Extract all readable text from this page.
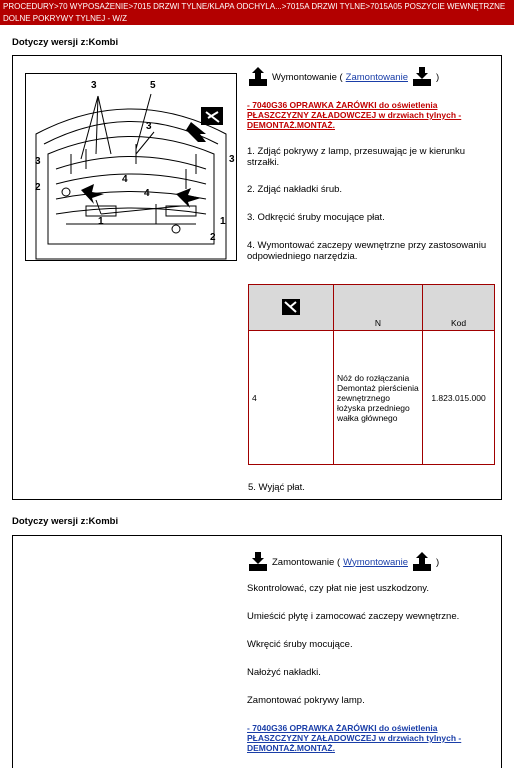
PROCEDURY>70 WYPOSAŻENIE>7015 DRZWI TYLNE/KLAPA ODCHYLA...>7015A DRZWI TYLNE>7015A05 POSZYCIE WEWNĘTRZNE DOLNE POKRYWY TYLNEJ - W/Z
Dotyczy wersji z:Kombi
3	5
3
3	3
2
4
4
1	1
2
Wymontowanie ( Zamontowanie	)
- 7040G36 OPRAWKA ŻARÓWKI do oświetlenia PŁASZCZYZNY ZAŁADOWCZEJ w drzwiach tylnych - DEMONTAŻ.MONTAŻ.
1. Zdjąć pokrywy z lamp, przesuwając je w kierunku strzałki.
2. Zdjąć nakładki śrub.
3. Odkręcić śruby mocujące płat.
4. Wymontować zaczepy wewnętrzne przy zastosowaniu odpowiedniego narzędzia.
	N	Kod
4	Nóż do rozłączania Demontaż pierścienia zewnętrznego łożyska przedniego wałka głównego	1.823.015.000
5. Wyjąć płat.
Dotyczy wersji z:Kombi
Zamontowanie ( Wymontowanie	)
Skontrolować, czy płat nie jest uszkodzony.
Umieścić płytę i zamocować zaczepy wewnętrzne.
Wkręcić śruby mocujące.
Nałożyć nakładki.
Zamontować pokrywy lamp.
- 7040G36 OPRAWKA ŻARÓWKI do oświetlenia PŁASZCZYZNY ZAŁADOWCZEJ w drzwiach tylnych - DEMONTAŻ.MONTAŻ.
